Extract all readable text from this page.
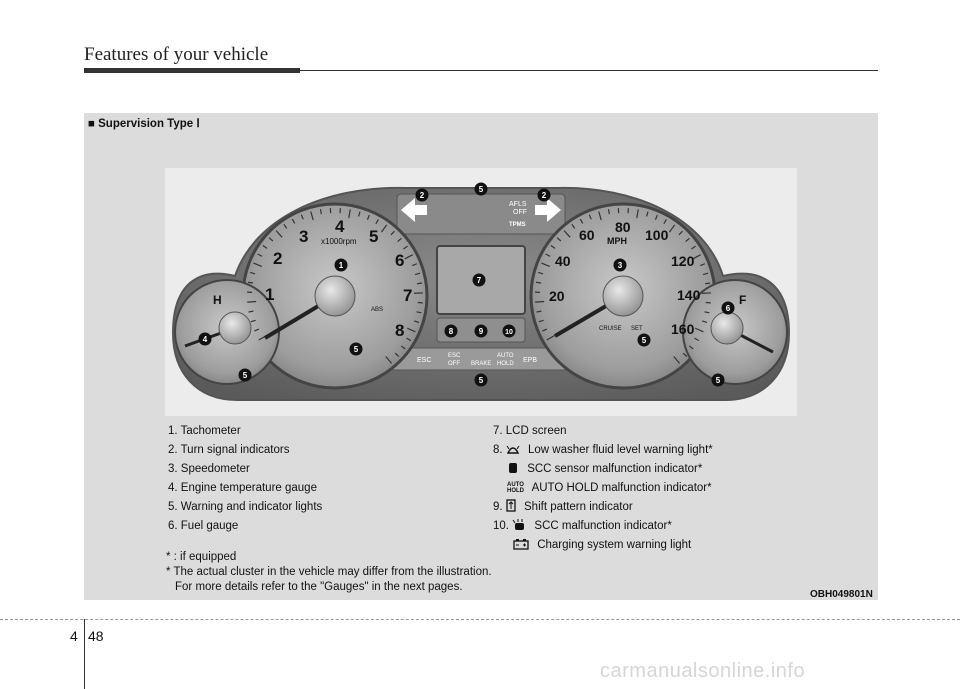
Features of your vehicle
■ Supervision Type Ⅰ
1
2
3
4
5
6
7
8
x1000rpm
20
40
60 80 100
120
140
160
MPH
CRUISE SET
H	F
AFLS
OFF
TPMS
ABS
ESC
ESC
OFF BRAKE
AUTO
HOLD EPB
1
2	2
3
4
5
5
5
5
5
5
6
7
8	9	10
1. Tachometer
2. Turn signal indicators
3. Speedometer
4. Engine temperature gauge
5. Warning and indicator lights
6. Fuel gauge
7. LCD screen
8. Low washer fluid level warning light*
SCC sensor malfunction indicator*
AUTO
HOLD AUTO HOLD malfunction indicator*
9. Shift pattern indicator
10. SCC malfunction indicator*
Charging system warning light
* : if equipped
* The actual cluster in the vehicle may differ from the illustration.
For more details refer to the "Gauges" in the next pages.
OBH049801N
4 48
carmanualsonline.info
